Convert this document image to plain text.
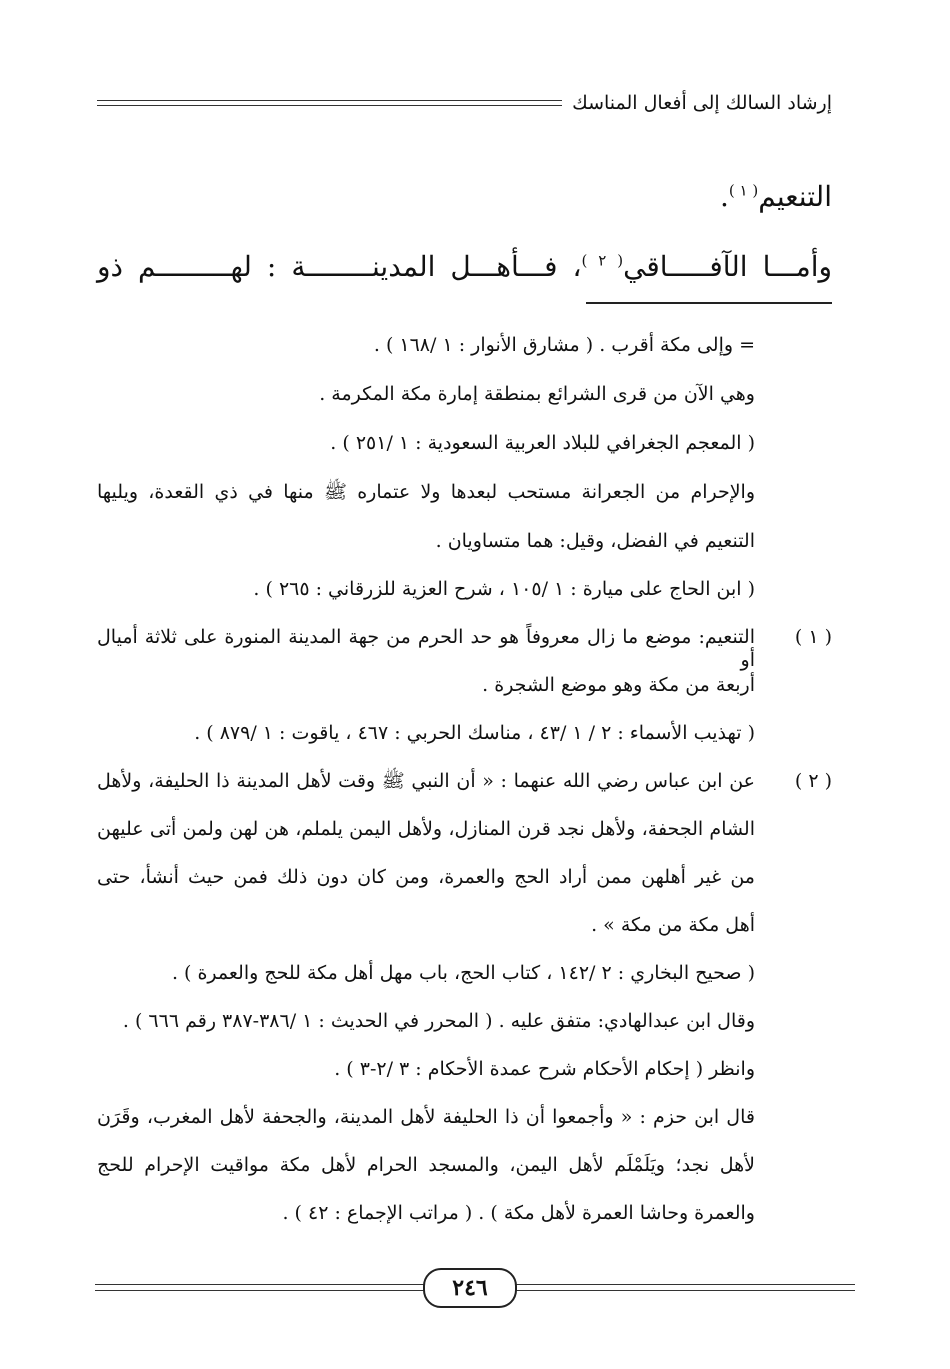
إرشاد السالك إلى أفعال المناسك
التنعيم$^{( ١ )}$.
وأمـــا الآفـــــاقي$^{( ٢ )}$، فـــأهـــل المدينــــــــة : لهـــــــــم ذو
= وإلى مكة أقرب . ( مشارق الأنوار : ١ /١٦٨ ) .
وهي الآن من قرى الشرائع بمنطقة إمارة مكة المكرمة .
( المعجم الجغرافي للبلاد العربية السعودية : ١ /٢٥١ ) .
والإحرام من الجعرانة مستحب لبعدها ولا عتماره ﷺ منها في ذي القعدة، ويليها
التنعيم في الفضل، وقيل: هما متساويان .
( ابن الحاج على ميارة : ١ /١٠٥ ، شرح العزية للزرقاني : ٢٦٥ ) .
( ١ )
التنعيم: موضع ما زال معروفاً هو حد الحرم من جهة المدينة المنورة على ثلاثة أميال أو
أربعة من مكة وهو موضع الشجرة .
( تهذيب الأسماء : ٢ / ١ /٤٣ ، مناسك الحربي : ٤٦٧ ، ياقوت : ١ /٨٧٩ ) .
( ٢ )
عن ابن عباس رضي الله عنهما : « أن النبي ﷺ وقت لأهل المدينة ذا الحليفة، ولأهل
الشام الجحفة، ولأهل نجد قرن المنازل، ولأهل اليمن يلملم، هن لهن ولمن أتى عليهن
من غير أهلهن ممن أراد الحج والعمرة، ومن كان دون ذلك فمن حيث أنشأ، حتى
أهل مكة من مكة » .
( صحيح البخاري : ٢ /١٤٢ ، كتاب الحج، باب مهل أهل مكة للحج والعمرة ) .
وقال ابن عبدالهادي: متفق عليه . ( المحرر في الحديث : ١ /٣٨٦-٣٨٧ رقم ٦٦٦ ) .
وانظر ( إحكام الأحكام شرح عمدة الأحكام : ٣ /٢-٣ ) .
قال ابن حزم : « وأجمعوا أن ذا الحليفة لأهل المدينة، والجحفة لأهل المغرب، وقَرَن
لأهل نجد؛ ويَلَمْلَم لأهل اليمن، والمسجد الحرام لأهل مكة مواقيت الإحرام للحج
والعمرة وحاشا العمرة لأهل مكة ) . ( مراتب الإجماع : ٤٢ ) .
٢٤٦
